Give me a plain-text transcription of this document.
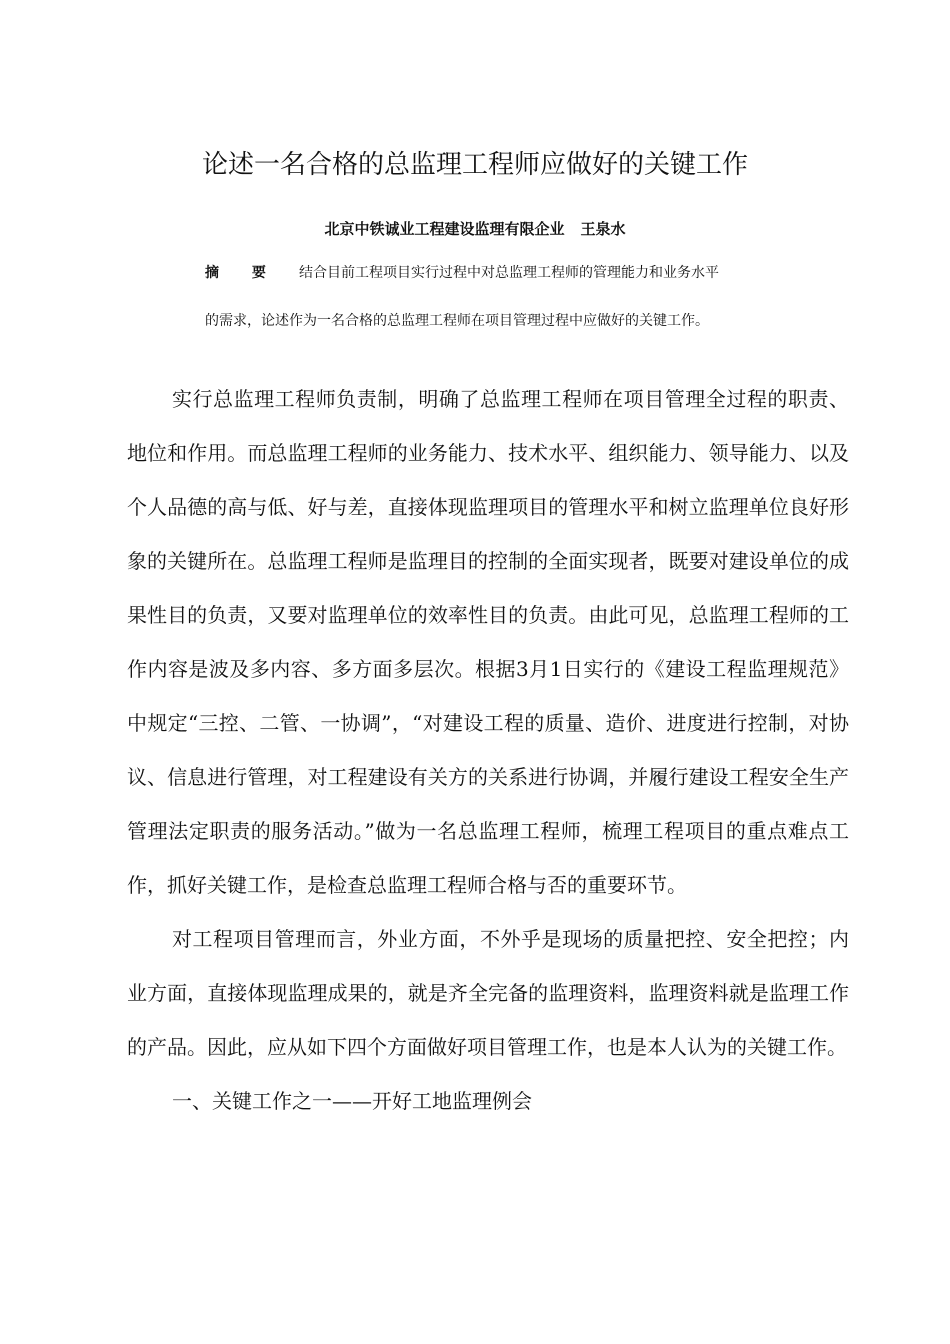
论述一名合格的总监理工程师应做好的关键工作
北京中铁诚业工程建设监理有限企业 王泉水
摘 要 结合目前工程项目实行过程中对总监理工程师的管理能力和业务水平
的需求，论述作为一名合格的总监理工程师在项目管理过程中应做好的关键工作。

实行总监理工程师负责制，明确了总监理工程师在项目管理全过程的职责、地位和作用。而总监理工程师的业务能力、技术水平、组织能力、领导能力、以及个人品德的高与低、好与差，直接体现监理项目的管理水平和树立监理单位良好形象的关键所在。总监理工程师是监理目的控制的全面实现者，既要对建设单位的成果性目的负责，又要对监理单位的效率性目的负责。由此可见，总监理工程师的工作内容是波及多内容、多方面多层次。根据3月1日实行的《建设工程监理规范》中规定“三控、二管、一协调”，“对建设工程的质量、造价、进度进行控制，对协议、信息进行管理，对工程建设有关方的关系进行协调，并履行建设工程安全生产管理法定职责的服务活动。”做为一名总监理工程师，梳理工程项目的重点难点工作，抓好关键工作，是检查总监理工程师合格与否的重要环节。

对工程项目管理而言，外业方面，不外乎是现场的质量把控、安全把控；内业方面，直接体现监理成果的，就是齐全完备的监理资料，监理资料就是监理工作的产品。因此，应从如下四个方面做好项目管理工作，也是本人认为的关键工作。

一、关键工作之一——开好工地监理例会
